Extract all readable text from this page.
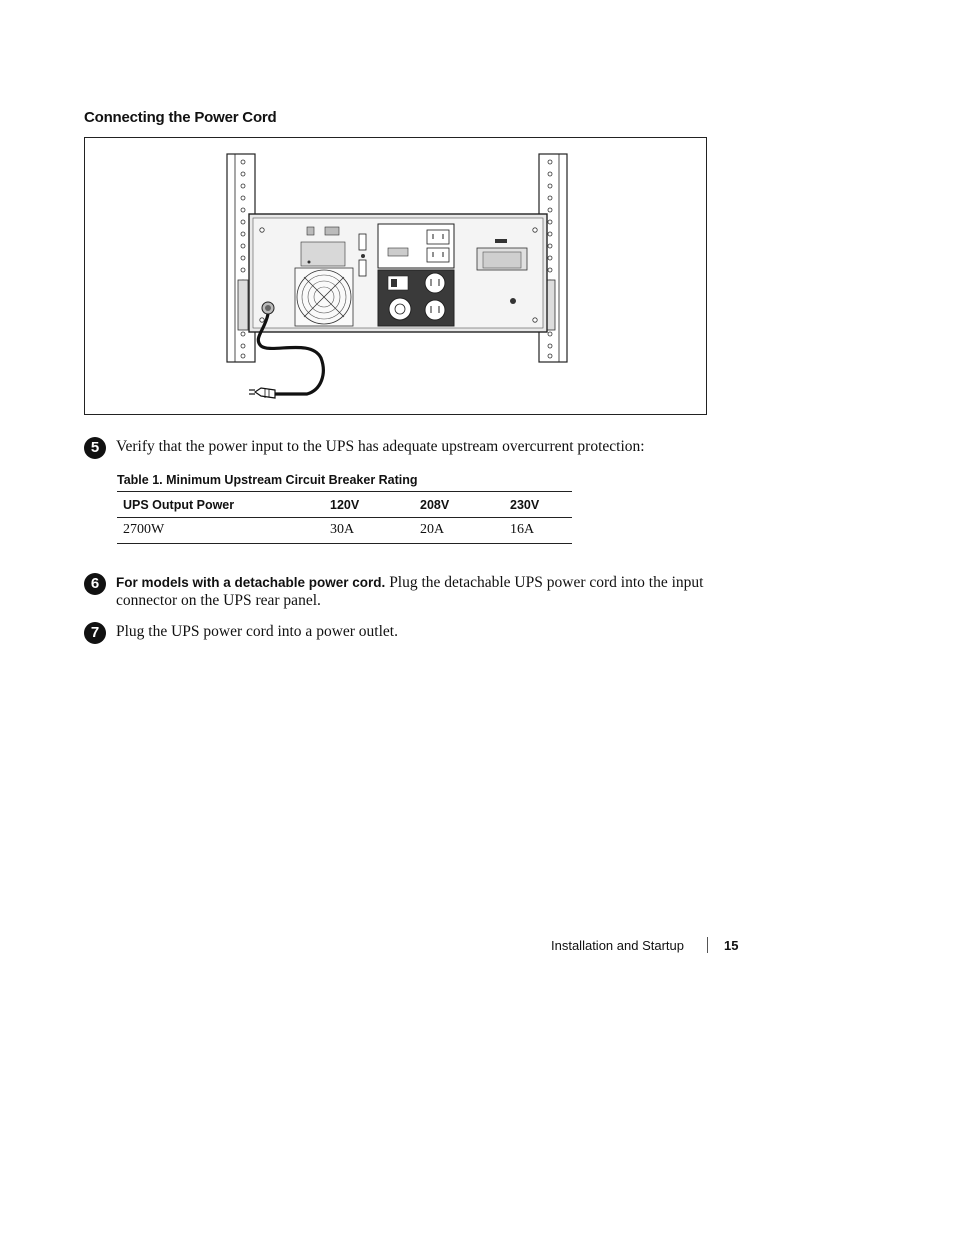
Connecting the Power Cord
5	Verify that the power input to the UPS has adequate upstream overcurrent protection:
Table 1. Minimum Upstream Circuit Breaker Rating
UPS Output Power	120V	208V	230V
2700W	30A	20A	16A
6	For models with a detachable power cord. Plug the detachable UPS power cord into the input connector on the UPS rear panel.
7	Plug the UPS power cord into a power outlet.
Installation and Startup	15
